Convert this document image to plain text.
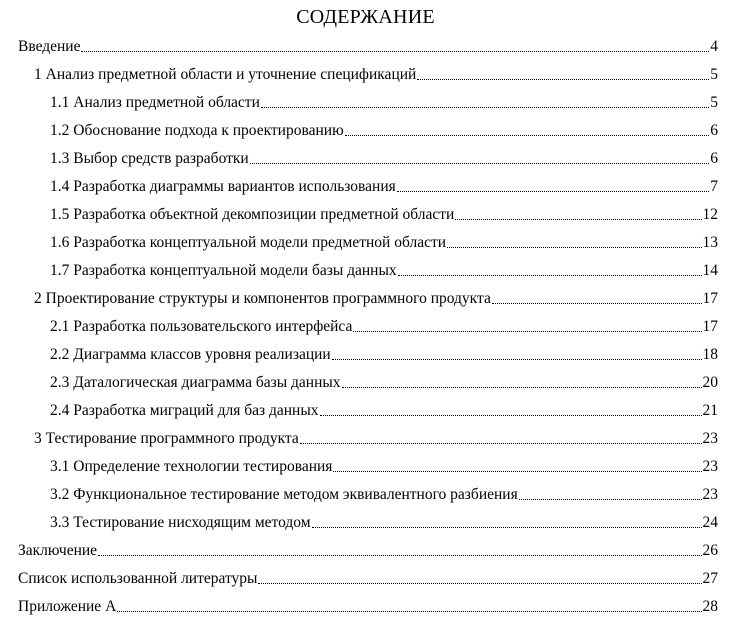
СОДЕРЖАНИЕ
Введение	4
1 Анализ предметной области и уточнение спецификаций	5
1.1 Анализ предметной области	5
1.2 Обоснование подхода к проектированию	6
1.3 Выбор средств разработки	6
1.4 Разработка диаграммы вариантов использования	7
1.5 Разработка объектной декомпозиции предметной области	12
1.6 Разработка концептуальной модели предметной области	13
1.7 Разработка концептуальной модели базы данных	14
2 Проектирование структуры и компонентов программного продукта	17
2.1 Разработка пользовательского интерфейса	17
2.2 Диаграмма классов уровня реализации	18
2.3 Даталогическая диаграмма базы данных	20
2.4 Разработка миграций для баз данных	21
3 Тестирование программного продукта	23
3.1 Определение технологии тестирования	23
3.2 Функциональное тестирование методом эквивалентного разбиения	23
3.3 Тестирование нисходящим методом	24
Заключение	26
Список использованной литературы	27
Приложение А	28
